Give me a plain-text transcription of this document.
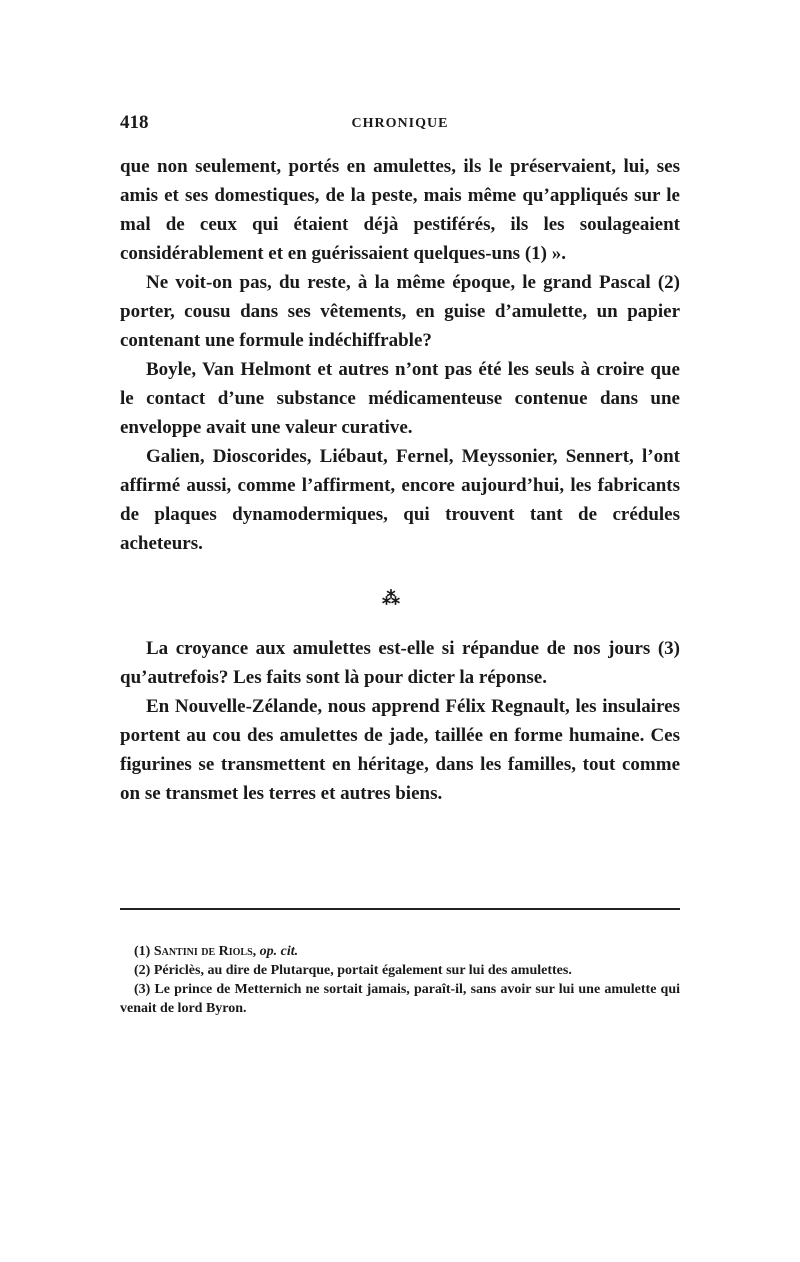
418	CHRONIQUE

que non seulement, portés en amulettes, ils le préservaient, lui, ses amis et ses domestiques, de la peste, mais même qu’appliqués sur le mal de ceux qui étaient déjà pestiférés, ils les soulageaient considérablement et en guérissaient quelques-uns (1) ».

Ne voit-on pas, du reste, à la même époque, le grand Pascal (2) porter, cousu dans ses vêtements, en guise d’amulette, un papier contenant une formule indéchiffrable?

Boyle, Van Helmont et autres n’ont pas été les seuls à croire que le contact d’une substance médicamenteuse contenue dans une enveloppe avait une valeur curative.

Galien, Dioscorides, Liébaut, Fernel, Meyssonier, Sennert, l’ont affirmé aussi, comme l’affirment, encore aujourd’hui, les fabricants de plaques dynamodermiques, qui trouvent tant de crédules acheteurs.

⁂

La croyance aux amulettes est-elle si répandue de nos jours (3) qu’autrefois? Les faits sont là pour dicter la réponse.

En Nouvelle-Zélande, nous apprend Félix Regnault, les insulaires portent au cou des amulettes de jade, taillée en forme humaine. Ces figurines se transmettent en héritage, dans les familles, tout comme on se transmet les terres et autres biens.

(1) Santini de Riols, op. cit.

(2) Périclès, au dire de Plutarque, portait également sur lui des amulettes.

(3) Le prince de Metternich ne sortait jamais, paraît-il, sans avoir sur lui une amulette qui venait de lord Byron.
